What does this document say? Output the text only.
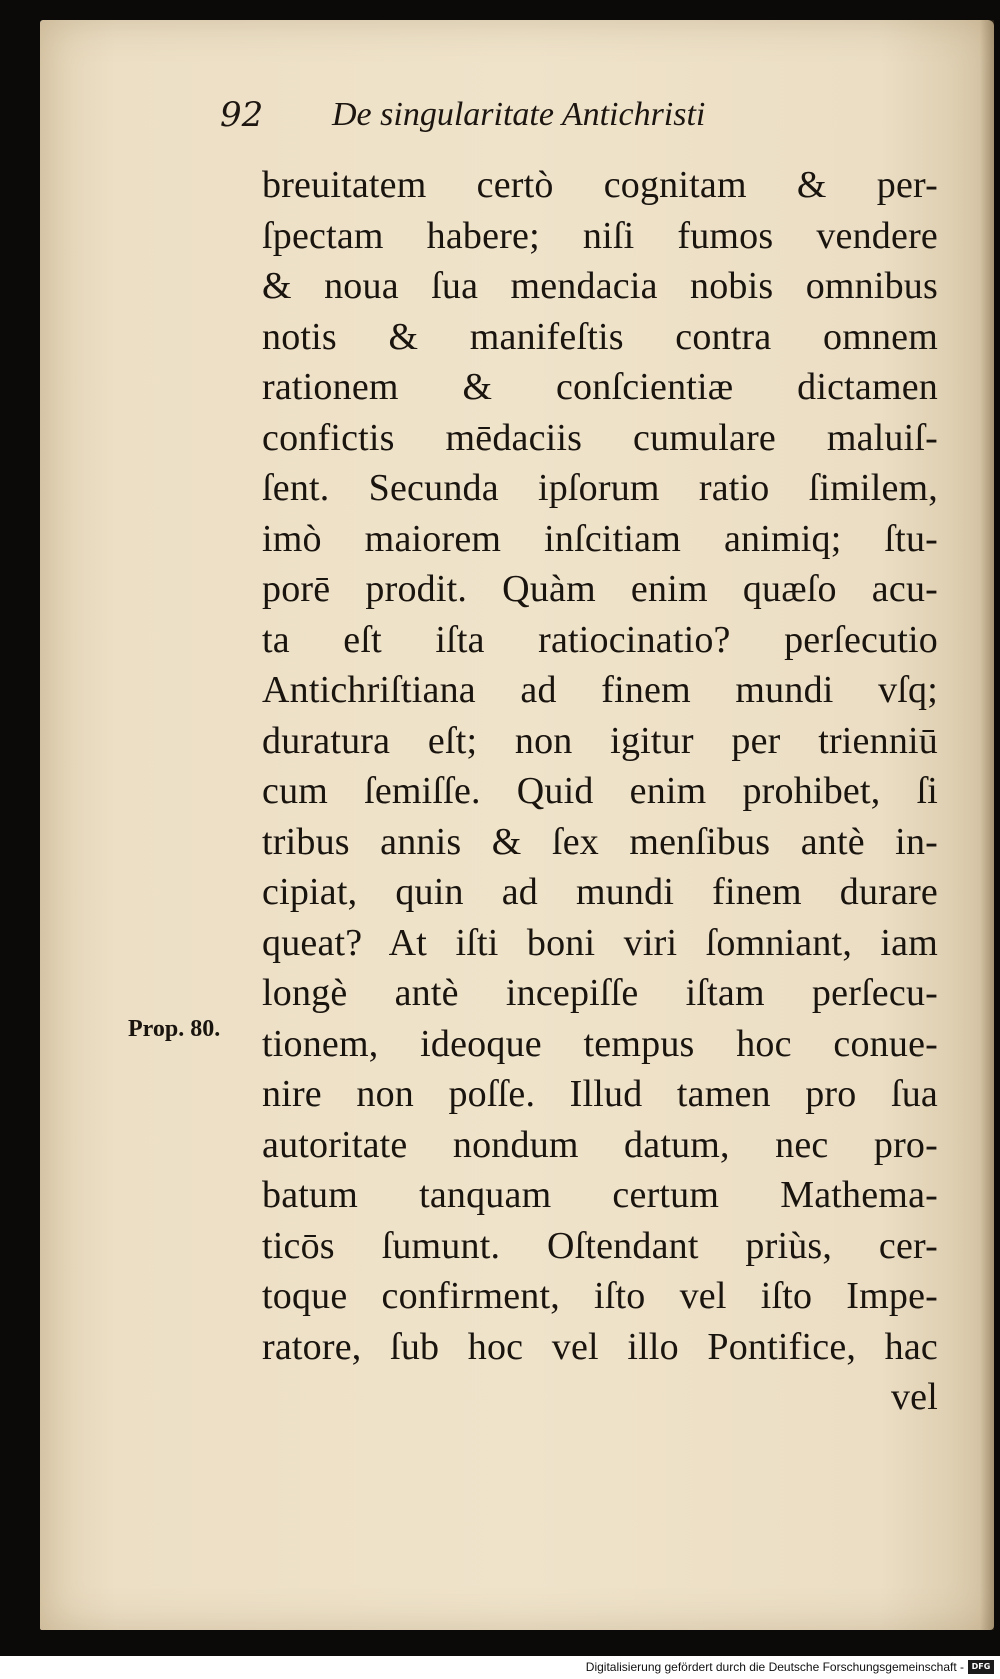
92 De singularitate Antichristi
breuitatem certò cognitam & per-
ſpectam habere; niſi fumos vendere
& noua ſua mendacia nobis omnibus
notis & manifeſtis contra omnem
rationem & conſcientiæ dictamen
confictis mēdaciis cumulare maluiſ-
ſent. Secunda ipſorum ratio ſimilem,
imò maiorem inſcitiam animiq; ſtu-
porē prodit. Quàm enim quæſo acu-
ta eſt iſta ratiocinatio? perſecutio
Antichriſtiana ad finem mundi vſq;
duratura eſt; non igitur per trienniū
cum ſemiſſe. Quid enim prohibet, ſi
tribus annis & ſex menſibus antè in-
cipiat, quin ad mundi finem durare
queat? At iſti boni viri ſomniant, iam
longè antè incepiſſe iſtam perſecu-
tionem, ideoque tempus hoc conue-
nire non poſſe. Illud tamen pro ſua
autoritate nondum datum, nec pro-
batum tanquam certum Mathema-
ticōs ſumunt. Oſtendant priùs, cer-
toque confirment, iſto vel iſto Impe-
ratore, ſub hoc vel illo Pontifice, hac
vel
Prop. 80.
Digitalisierung gefördert durch die Deutsche Forschungsgemeinschaft - DFG
